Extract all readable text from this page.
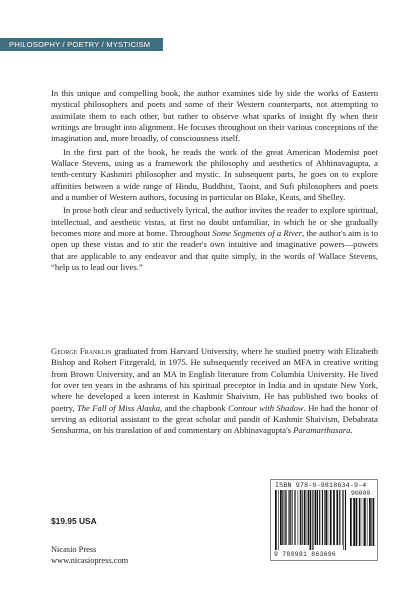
PHILOSOPHY / POETRY / MYSTICISM

In this unique and compelling book, the author examines side by side the works of Eastern mystical philosophers and poets and some of their Western counterparts, not attempting to assimilate them to each other, but rather to observe what sparks of insight fly when their writings are brought into alignment. He focuses throughout on their various conceptions of the imagination and, more broadly, of consciousness itself.

In the first part of the book, he reads the work of the great American Modernist poet Wallace Stevens, using as a framework the philosophy and aesthetics of Abhinavagupta, a tenth-century Kashmiri philosopher and mystic. In subsequent parts, he goes on to explore affinities between a wide range of Hindu, Buddhist, Taoist, and Sufi philosophers and poets and a number of Western authors, focusing in particular on Blake, Keats, and Shelley.

In prose both clear and seductively lyrical, the author invites the reader to explore spiritual, intellectual, and aesthetic vistas, at first no doubt unfamiliar, in which he or she gradually becomes more and more at home. Throughout Some Segments of a River, the author's aim is to open up these vistas and to stir the reader's own intuitive and imaginative powers—powers that are applicable to any endeavor and that quite simply, in the words of Wallace Stevens, “help us to lead our lives.”

George Franklin graduated from Harvard University, where he studied poetry with Elizabeth Bishop and Robert Fitzgerald, in 1975. He subsequently received an MFA in creative writing from Brown University, and an MA in English literature from Columbia University. He lived for over ten years in the ashrams of his spiritual preceptor in India and in upstate New York, where he developed a keen interest in Kashmir Shaivism. He has published two books of poetry, The Fall of Miss Alaska, and the chapbook Contour with Shadow. He had the honor of serving as editorial assistant to the great scholar and pandit of Kashmir Shaivism, Debabrata Sensharma, on his translation of and commentary on Abhinavagupta's Paramarthasara.

$19.95 USA
Nicasio Press
www.nicasiopress.com
ISBN 978-0-9818634-9-4
9 780981 863696
90000
